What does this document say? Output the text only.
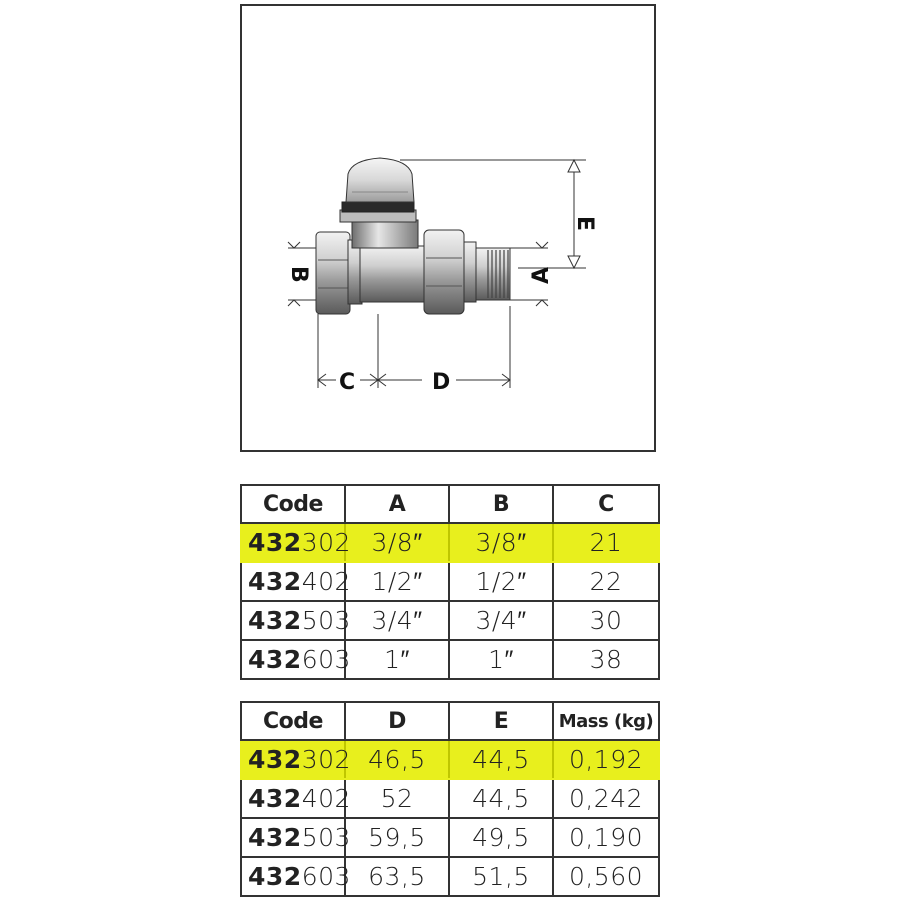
E
A
B
C	D
Code	A	B	C
432302	3/8″	3/8″	21
432402	1/2″	1/2″	22
432503	3/4″	3/4″	30
432603	1″	1″	38
Code	D	E	Mass (kg)
432302	46,5	44,5	0,192
432402	52	44,5	0,242
432503	59,5	49,5	0,190
432603	63,5	51,5	0,560
